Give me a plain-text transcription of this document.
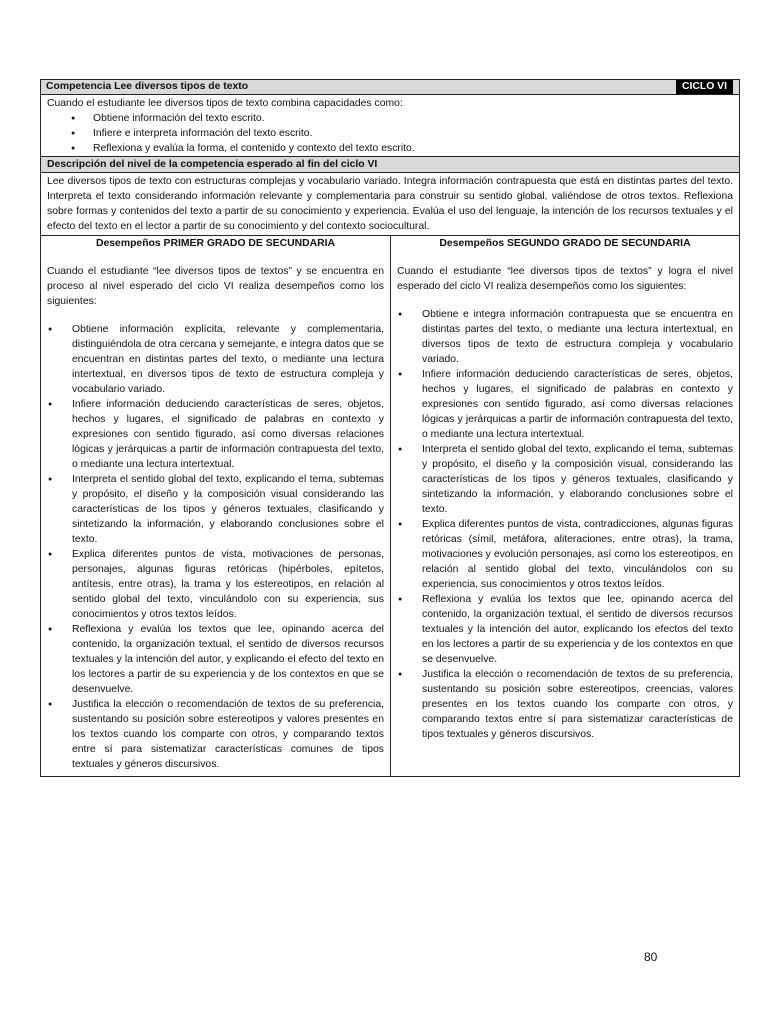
Competencia Lee diversos tipos de texto	CICLO VI
Cuando el estudiante lee diversos tipos de texto combina capacidades como:
● Obtiene información del texto escrito.
● Infiere e interpreta información del texto escrito.
● Reflexiona y evalúa la forma, el contenido y contexto del texto escrito.
Descripción del nivel de la competencia esperado al fin del ciclo VI
Lee diversos tipos de texto con estructuras complejas y vocabulario variado. Integra información contrapuesta que está en distintas partes del texto. Interpreta el texto considerando información relevante y complementaria para construir su sentido global, valiéndose de otros textos. Reflexiona sobre formas y contenidos del texto a partir de su conocimiento y experiencia. Evalúa el uso del lenguaje, la intención de los recursos textuales y el efecto del texto en el lector a partir de su conocimiento y del contexto sociocultural.
Desempeños PRIMER GRADO DE SECUNDARIA
Cuando el estudiante “lee diversos tipos de textos” y se encuentra en proceso al nivel esperado del ciclo VI realiza desempeños como los siguientes:
● Obtiene información explícita, relevante y complementaria, distinguiéndola de otra cercana y semejante, e integra datos que se encuentran en distintas partes del texto, o mediante una lectura intertextual, en diversos tipos de texto de estructura compleja y vocabulario variado.
● Infiere información deduciendo características de seres, objetos, hechos y lugares, el significado de palabras en contexto y expresiones con sentido figurado, así como diversas relaciones lógicas y jerárquicas a partir de información contrapuesta del texto, o mediante una lectura intertextual.
● Interpreta el sentido global del texto, explicando el tema, subtemas y propósito, el diseño y la composición visual considerando las características de los tipos y géneros textuales, clasificando y sintetizando la información, y elaborando conclusiones sobre el texto.
● Explica diferentes puntos de vista, motivaciones de personas, personajes, algunas figuras retóricas (hipérboles, epítetos, antítesis, entre otras), la trama y los estereotipos, en relación al sentido global del texto, vinculándolo con su experiencia, sus conocimientos y otros textos leídos.
● Reflexiona y evalúa los textos que lee, opinando acerca del contenido, la organización textual, el sentido de diversos recursos textuales y la intención del autor, y explicando el efecto del texto en los lectores a partir de su experiencia y de los contextos en que se desenvuelve.
● Justifica la elección o recomendación de textos de su preferencia, sustentando su posición sobre estereotipos y valores presentes en los textos cuando los comparte con otros, y comparando textos entre sí para sistematizar características comunes de tipos textuales y géneros discursivos.
Desempeños SEGUNDO GRADO DE SECUNDARIA
Cuando el estudiante “lee diversos tipos de textos” y logra el nivel esperado del ciclo VI realiza desempeños como los siguientes:
● Obtiene e integra información contrapuesta que se encuentra en distintas partes del texto, o mediante una lectura intertextual, en diversos tipos de texto de estructura compleja y vocabulario variado.
● Infiere información deduciendo características de seres, objetos, hechos y lugares, el significado de palabras en contexto y expresiones con sentido figurado, así como diversas relaciones lógicas y jerárquicas a partir de información contrapuesta del texto, o mediante una lectura intertextual.
● Interpreta el sentido global del texto, explicando el tema, subtemas y propósito, el diseño y la composición visual, considerando las características de los tipos y géneros textuales, clasificando y sintetizando la información, y elaborando conclusiones sobre el texto.
● Explica diferentes puntos de vista, contradicciones, algunas figuras retóricas (símil, metáfora, aliteraciones, entre otras), la trama, motivaciones y evolución personajes, así como los estereotipos, en relación al sentido global del texto, vinculándolos con su experiencia, sus conocimientos y otros textos leídos.
● Reflexiona y evalúa los textos que lee, opinando acerca del contenido, la organización textual, el sentido de diversos recursos textuales y la intención del autor, explicando los efectos del texto en los lectores a partir de su experiencia y de los contextos en que se desenvuelve.
● Justifica la elección o recomendación de textos de su preferencia, sustentando su posición sobre estereotipos, creencias, valores presentes en los textos cuando los comparte con otros, y comparando textos entre sí para sistematizar características de tipos textuales y géneros discursivos.
80
